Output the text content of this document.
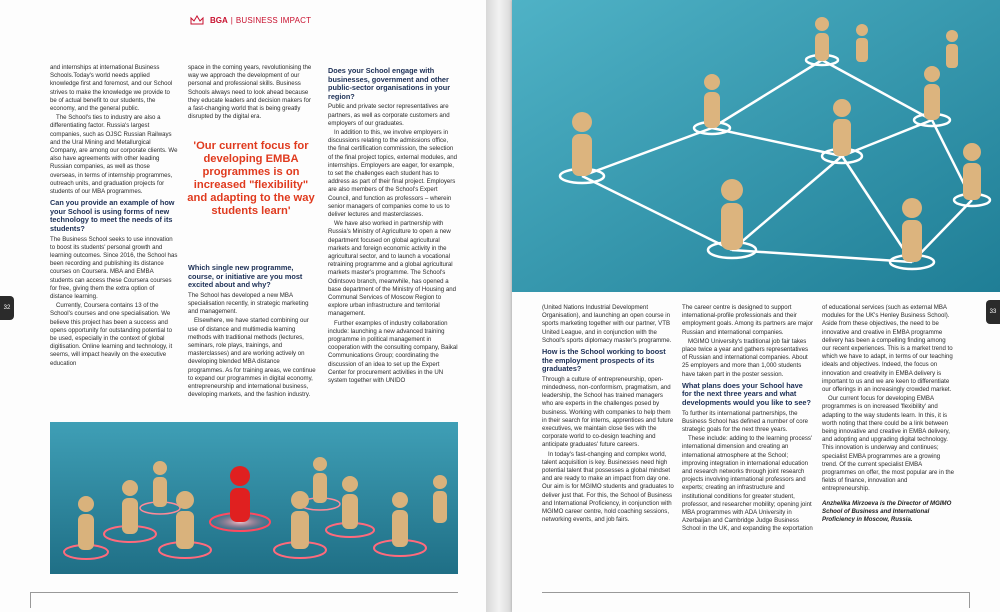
BGA | BUSINESS IMPACT

and internships at international Business Schools.Today's world needs applied knowledge first and foremost, and our School strives to make the knowledge we provide to be of actual benefit to our students, the economy, and the general public.

The School's ties to industry are also a differentiating factor. Russia's largest companies, such as OJSC Russian Railways and the Ural Mining and Metallurgical Company, are among our corporate clients. We also have agreements with other leading Russian companies, as well as those overseas, in terms of internship programmes, outreach units, and graduation projects for students of our MBA programmes.

Can you provide an example of how your School is using forms of new technology to meet the needs of its students?

The Business School seeks to use innovation to boost its students' personal growth and learning outcomes. Since 2016, the School has been recording and publishing its distance courses on Coursera. MBA and EMBA students can access these Coursera courses for free, giving them the extra option of distance learning.

Currently, Coursera contains 13 of the School's courses and one specialisation. We believe this project has been a success and opens opportunity for outstanding potential to be used, especially in the context of global digitisation. Online learning and technology, it seems, will impact heavily on the executive education

space in the coming years, revolutionising the way we approach the development of our personal and professional skills. Business Schools always need to look ahead because they educate leaders and decision makers for a fast-changing world that is being greatly disrupted by the digital era.

'Our current focus for developing EMBA programmes is on increased "flexibility" and adapting to the way students learn'
Which single new programme, course, or initiative are you most excited about and why?

The School has developed a new MBA specialisation recently, in strategic marketing and management.

Elsewhere, we have started combining our use of distance and multimedia learning methods with traditional methods (lectures, seminars, role plays, trainings, and masterclasses) and are working actively on developing blended MBA distance programmes. As for training areas, we continue to expand our programmes in digital economy, entrepreneurship and international business, developing markets, and the fashion industry.

Does your School engage with businesses, government and other public-sector organisations in your region?

Public and private sector representatives are partners, as well as corporate customers and employers of our graduates.

In addition to this, we involve employers in discussions relating to the admissions office, the final certification commission, the selection of the final project topics, external modules, and internships. Employers are eager, for example, to set the challenges each student has to address as part of their final project. Employers are also members of the School's Expert Council, and function as professors – wherein senior managers of companies come to us to deliver lectures and masterclasses.

We have also worked in partnership with Russia's Ministry of Agriculture to open a new department focused on global agricultural markets and foreign economic activity in the agricultural sector, and to launch a vocational retraining programme and a global agricultural markets master's programme. The School's Odintsovo branch, meanwhile, has opened a base department of the Ministry of Housing and Communal Services of Moscow Region to explore urban infrastructure and territorial management.

Further examples of industry collaboration include: launching a new advanced training programme in political management in cooperation with the consulting company, Baikal Communications Group; coordinating the discussion of an idea to set up the Expert Center for procurement activities in the UN system together with UNIDO

32	(United Nations Industrial Development Organisation), and launching an open course in sports marketing together with our partner, VTB United League, and in conjunction with the School's sports diplomacy master's programme.

How is the School working to boost the employment prospects of its graduates?

Through a culture of entrepreneurship, open-mindedness, non-conformism, pragmatism, and leadership, the School has trained managers who are experts in the challenges posed by business. Working with companies to help them in their search for interns, apprentices and future executives, we maintain close ties with the corporate world to co-design teaching and anticipate graduates' future careers.

In today's fast-changing and complex world, talent acquisition is key. Businesses need high potential talent that possesses a global mindset and are ready to make an impact from day one. Our aim is for MGIMO students and graduates to deliver just that. For this, the School of Business and International Proficiency, in conjunction with MGIMO career centre, hold coaching sessions, networking events, and job fairs.

The career centre is designed to support international-profile professionals and their employment goals. Among its partners are major Russian and international companies.

MGIMO University's traditional job fair takes place twice a year and gathers representatives of Russian and international companies. About 25 employers and more than 1,000 students have taken part in the poster session.

What plans does your School have for the next three years and what developments would you like to see?

To further its international partnerships, the Business School has defined a number of core strategic goals for the next three years.

These include: adding to the learning process' international dimension and creating an international atmosphere at the School; improving integration in international education and research networks through joint research projects involving international professors and experts; creating an infrastructure and institutional conditions for greater student, professor, and researcher mobility; opening joint MBA programmes with ADA University in Azerbaijan and Cambridge Judge Business School in the UK, and expanding the exportation

of educational services (such as external MBA modules for the UK's Henley Business School). Aside from these objectives, the need to be innovative and creative in EMBA programme delivery has been a compelling finding among our recent experiences. This is a market trend to which we have to adapt, in terms of our teaching ideals and objectives. Indeed, the focus on innovation and creativity in EMBA delivery is important to us and we are keen to differentiate our offerings in an increasingly crowded market.

Our current focus for developing EMBA programmes is on increased 'flexibility' and adapting to the way students learn. In this, it is worth noting that there could be a link between being innovative and creative in EMBA delivery, and adopting and upgrading digital technology. This innovation is underway and continues; specialist EMBA programmes are a growing trend. Of the current specialist EMBA programmes on offer, the most popular are in the fields of finance, innovation and entrepreneurship.

Anzhelika Mirzoeva is the Director of MGIMO School of Business and International Proficiency in Moscow, Russia.

33
